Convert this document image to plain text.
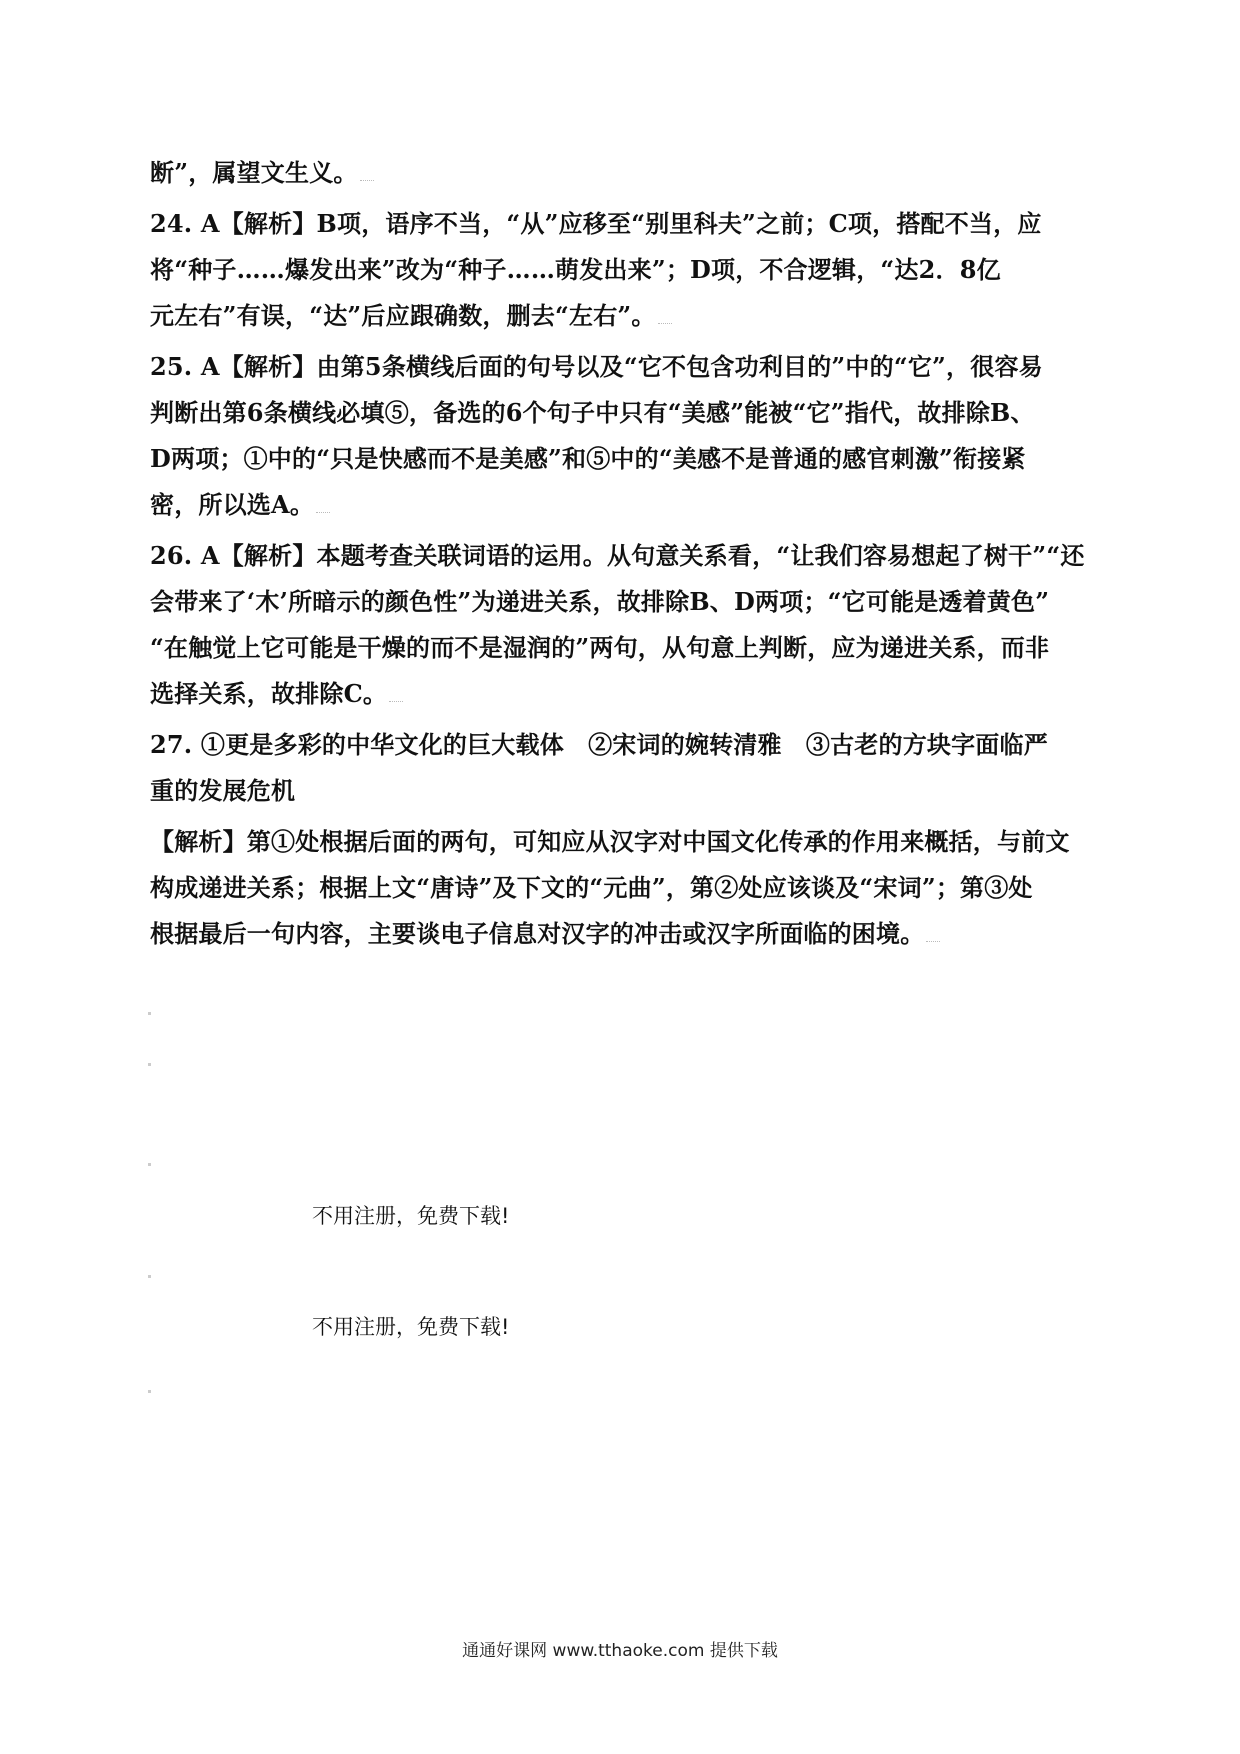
断”，属望文生义。
24. A【解析】B项，语序不当，“从”应移至“别里科夫”之前；C项，搭配不当，应
将“种子……爆发出来”改为“种子……萌发出来”；D项，不合逻辑，“达2．8亿
元左右”有误，“达”后应跟确数，删去“左右”。
25. A【解析】由第5条横线后面的句号以及“它不包含功利目的”中的“它”，很容易
判断出第6条横线必填⑤，备选的6个句子中只有“美感”能被“它”指代，故排除B、
D两项；①中的“只是快感而不是美感”和⑤中的“美感不是普通的感官刺激”衔接紧
密，所以选A。
26. A【解析】本题考查关联词语的运用。从句意关系看，“让我们容易想起了树干”“还
会带来了‘木’所暗示的颜色性”为递进关系，故排除B、D两项；“它可能是透着黄色”
“在触觉上它可能是干燥的而不是湿润的”两句，从句意上判断，应为递进关系，而非
选择关系，故排除C。
27. ①更是多彩的中华文化的巨大载体　②宋词的婉转清雅　③古老的方块字面临严
重的发展危机
【解析】第①处根据后面的两句，可知应从汉字对中国文化传承的作用来概括，与前文
构成递进关系；根据上文“唐诗”及下文的“元曲”，第②处应该谈及“宋词”；第③处
根据最后一句内容，主要谈电子信息对汉字的冲击或汉字所面临的困境。
不用注册，免费下载!
不用注册，免费下载!
通通好课网 www.tthaoke.com 提供下载
